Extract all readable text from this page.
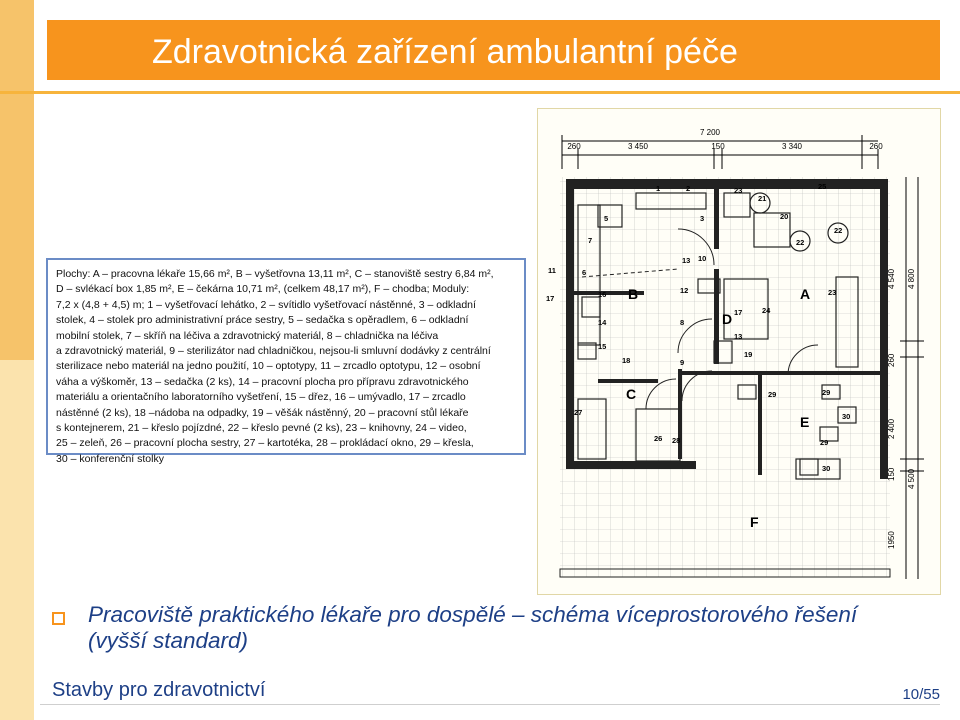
Zdravotnická zařízení ambulantní péče
7 200
260	3 450	150	3 340	260
4 540 4 800
260
2 400
150 4 500
1950
B	A
C
D
E
F
1	2
3
5
6
7
8
9
10
11
12
13
13
14
15
16
17
17
18
19
20
21
22
22
23
23
24
25
26
27
28
29	29
29
30
30

Plochy: A – pracovna lékaře 15,66 m², B – vyšetřovna 13,11 m², C – stanoviště sestry 6,84 m²,

D – svlékací box 1,85 m², E – čekárna 10,71 m², (celkem 48,17 m²), F – chodba; Moduly:

7,2 x (4,8 + 4,5) m; 1 – vyšetřovací lehátko, 2 – svítidlo vyšetřovací nástěnné, 3 – odkladní

stolek, 4 – stolek pro administrativní práce sestry, 5 – sedačka s opěradlem, 6 – odkladní

mobilní stolek, 7 – skříň na léčiva a zdravotnický materiál, 8 – chladnička na léčiva

a zdravotnický materiál, 9 – sterilizátor nad chladničkou, nejsou-li smluvní dodávky z centrální

sterilizace nebo materiál na jedno použití, 10 – optotypy, 11 – zrcadlo optotypu, 12 – osobní

váha a výškoměr, 13 – sedačka (2 ks), 14 – pracovní plocha pro přípravu zdravotnického

materiálu a orientačního laboratorního vyšetření, 15 – dřez, 16 – umývadlo, 17 – zrcadlo

nástěnné (2 ks), 18 –nádoba na odpadky, 19 – věšák nástěnný, 20 – pracovní stůl lékaře

s kontejnerem, 21 – křeslo pojízdné, 22 – křeslo pevné (2 ks), 23 – knihovny, 24 – video,

25 – zeleň, 26 – pracovní plocha sestry, 27 – kartotéka, 28 – prokládací okno, 29 – křesla,

30 – konferenční stolky

Pracoviště praktického lékaře pro dospělé – schéma víceprostorového řešení
(vyšší standard)
Stavby pro zdravotnictví	10/55
